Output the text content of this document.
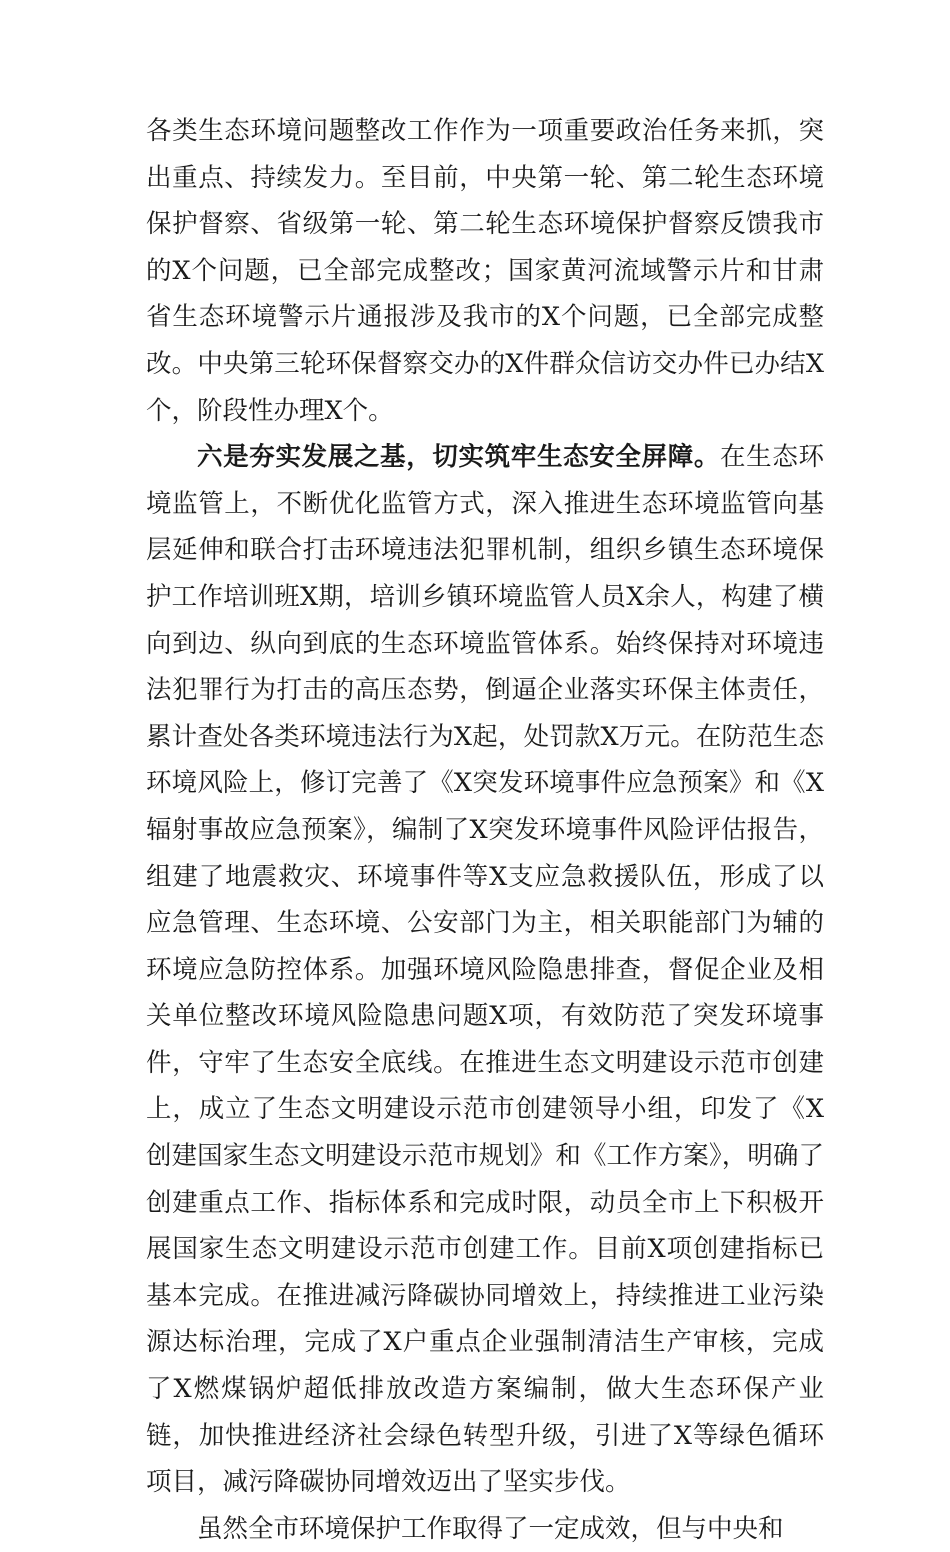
各类生态环境问题整改工作作为一项重要政治任务来抓，突出重点、持续发力。至目前，中央第一轮、第二轮生态环境保护督察、省级第一轮、第二轮生态环境保护督察反馈我市的X个问题，已全部完成整改；国家黄河流域警示片和甘肃省生态环境警示片通报涉及我市的X个问题，已全部完成整改。中央第三轮环保督察交办的X件群众信访交办件已办结X个，阶段性办理X个。

六是夯实发展之基，切实筑牢生态安全屏障。在生态环境监管上，不断优化监管方式，深入推进生态环境监管向基层延伸和联合打击环境违法犯罪机制，组织乡镇生态环境保护工作培训班X期，培训乡镇环境监管人员X余人，构建了横向到边、纵向到底的生态环境监管体系。始终保持对环境违法犯罪行为打击的高压态势，倒逼企业落实环保主体责任，累计查处各类环境违法行为X起，处罚款X万元。在防范生态环境风险上，修订完善了《X突发环境事件应急预案》和《X辐射事故应急预案》，编制了X突发环境事件风险评估报告，组建了地震救灾、环境事件等X支应急救援队伍，形成了以应急管理、生态环境、公安部门为主，相关职能部门为辅的环境应急防控体系。加强环境风险隐患排查，督促企业及相关单位整改环境风险隐患问题X项，有效防范了突发环境事件，守牢了生态安全底线。在推进生态文明建设示范市创建上，成立了生态文明建设示范市创建领导小组，印发了《X创建国家生态文明建设示范市规划》和《工作方案》，明确了创建重点工作、指标体系和完成时限，动员全市上下积极开展国家生态文明建设示范市创建工作。目前X项创建指标已基本完成。在推进减污降碳协同增效上，持续推进工业污染源达标治理，完成了X户重点企业强制清洁生产审核，完成了X燃煤锅炉超低排放改造方案编制，做大生态环保产业链，加快推进经济社会绿色转型升级，引进了X等绿色循环项目，减污降碳协同增效迈出了坚实步伐。

虽然全市环境保护工作取得了一定成效，但与中央和
